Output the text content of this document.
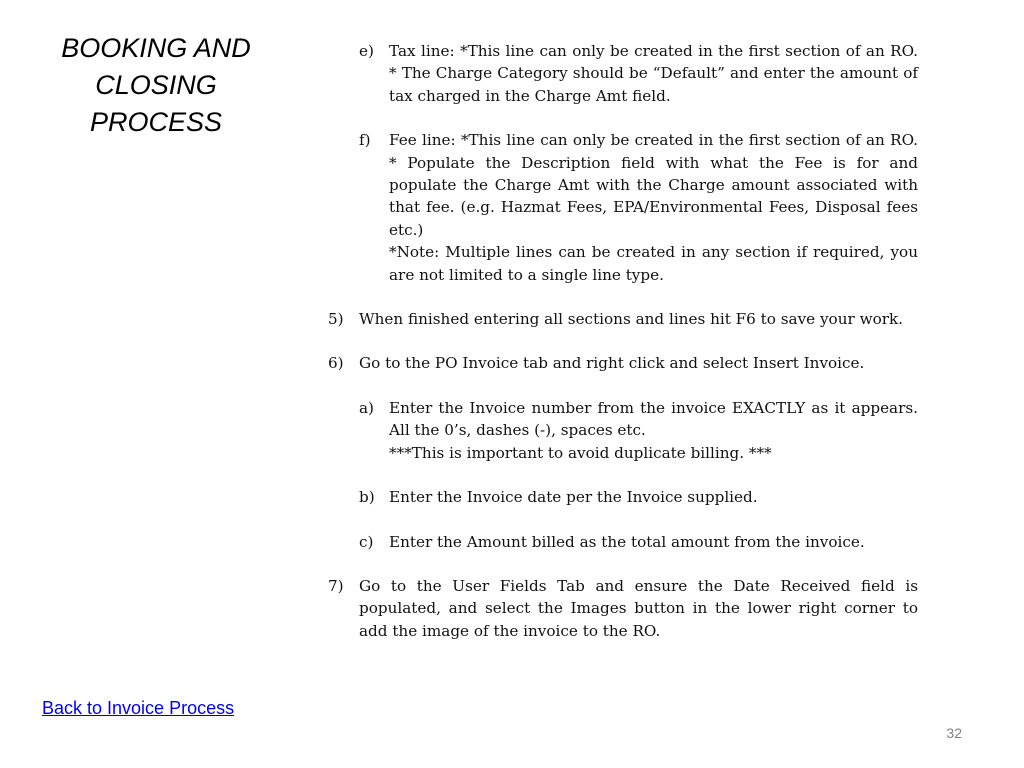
BOOKING AND
CLOSING
PROCESS
e) Tax line: *This line can only be created in the first section of an RO. * The Charge Category should be “Default” and enter the amount of tax charged in the Charge Amt field.
f) Fee line: *This line can only be created in the first section of an RO. * Populate the Description field with what the Fee is for and populate the Charge Amt with the Charge amount associated with that fee. (e.g. Hazmat Fees, EPA/Environmental Fees, Disposal fees etc.)
*Note: Multiple lines can be created in any section if required, you are not limited to a single line type.
5) When finished entering all sections and lines hit F6 to save your work.
6) Go to the PO Invoice tab and right click and select Insert Invoice.
a) Enter the Invoice number from the invoice EXACTLY as it appears. All the 0’s, dashes (-), spaces etc.
***This is important to avoid duplicate billing. ***
b) Enter the Invoice date per the Invoice supplied.
c) Enter the Amount billed as the total amount from the invoice.
7) Go to the User Fields Tab and ensure the Date Received field is populated, and select the Images button in the lower right corner to add the image of the invoice to the RO.
Back to Invoice Process
32
